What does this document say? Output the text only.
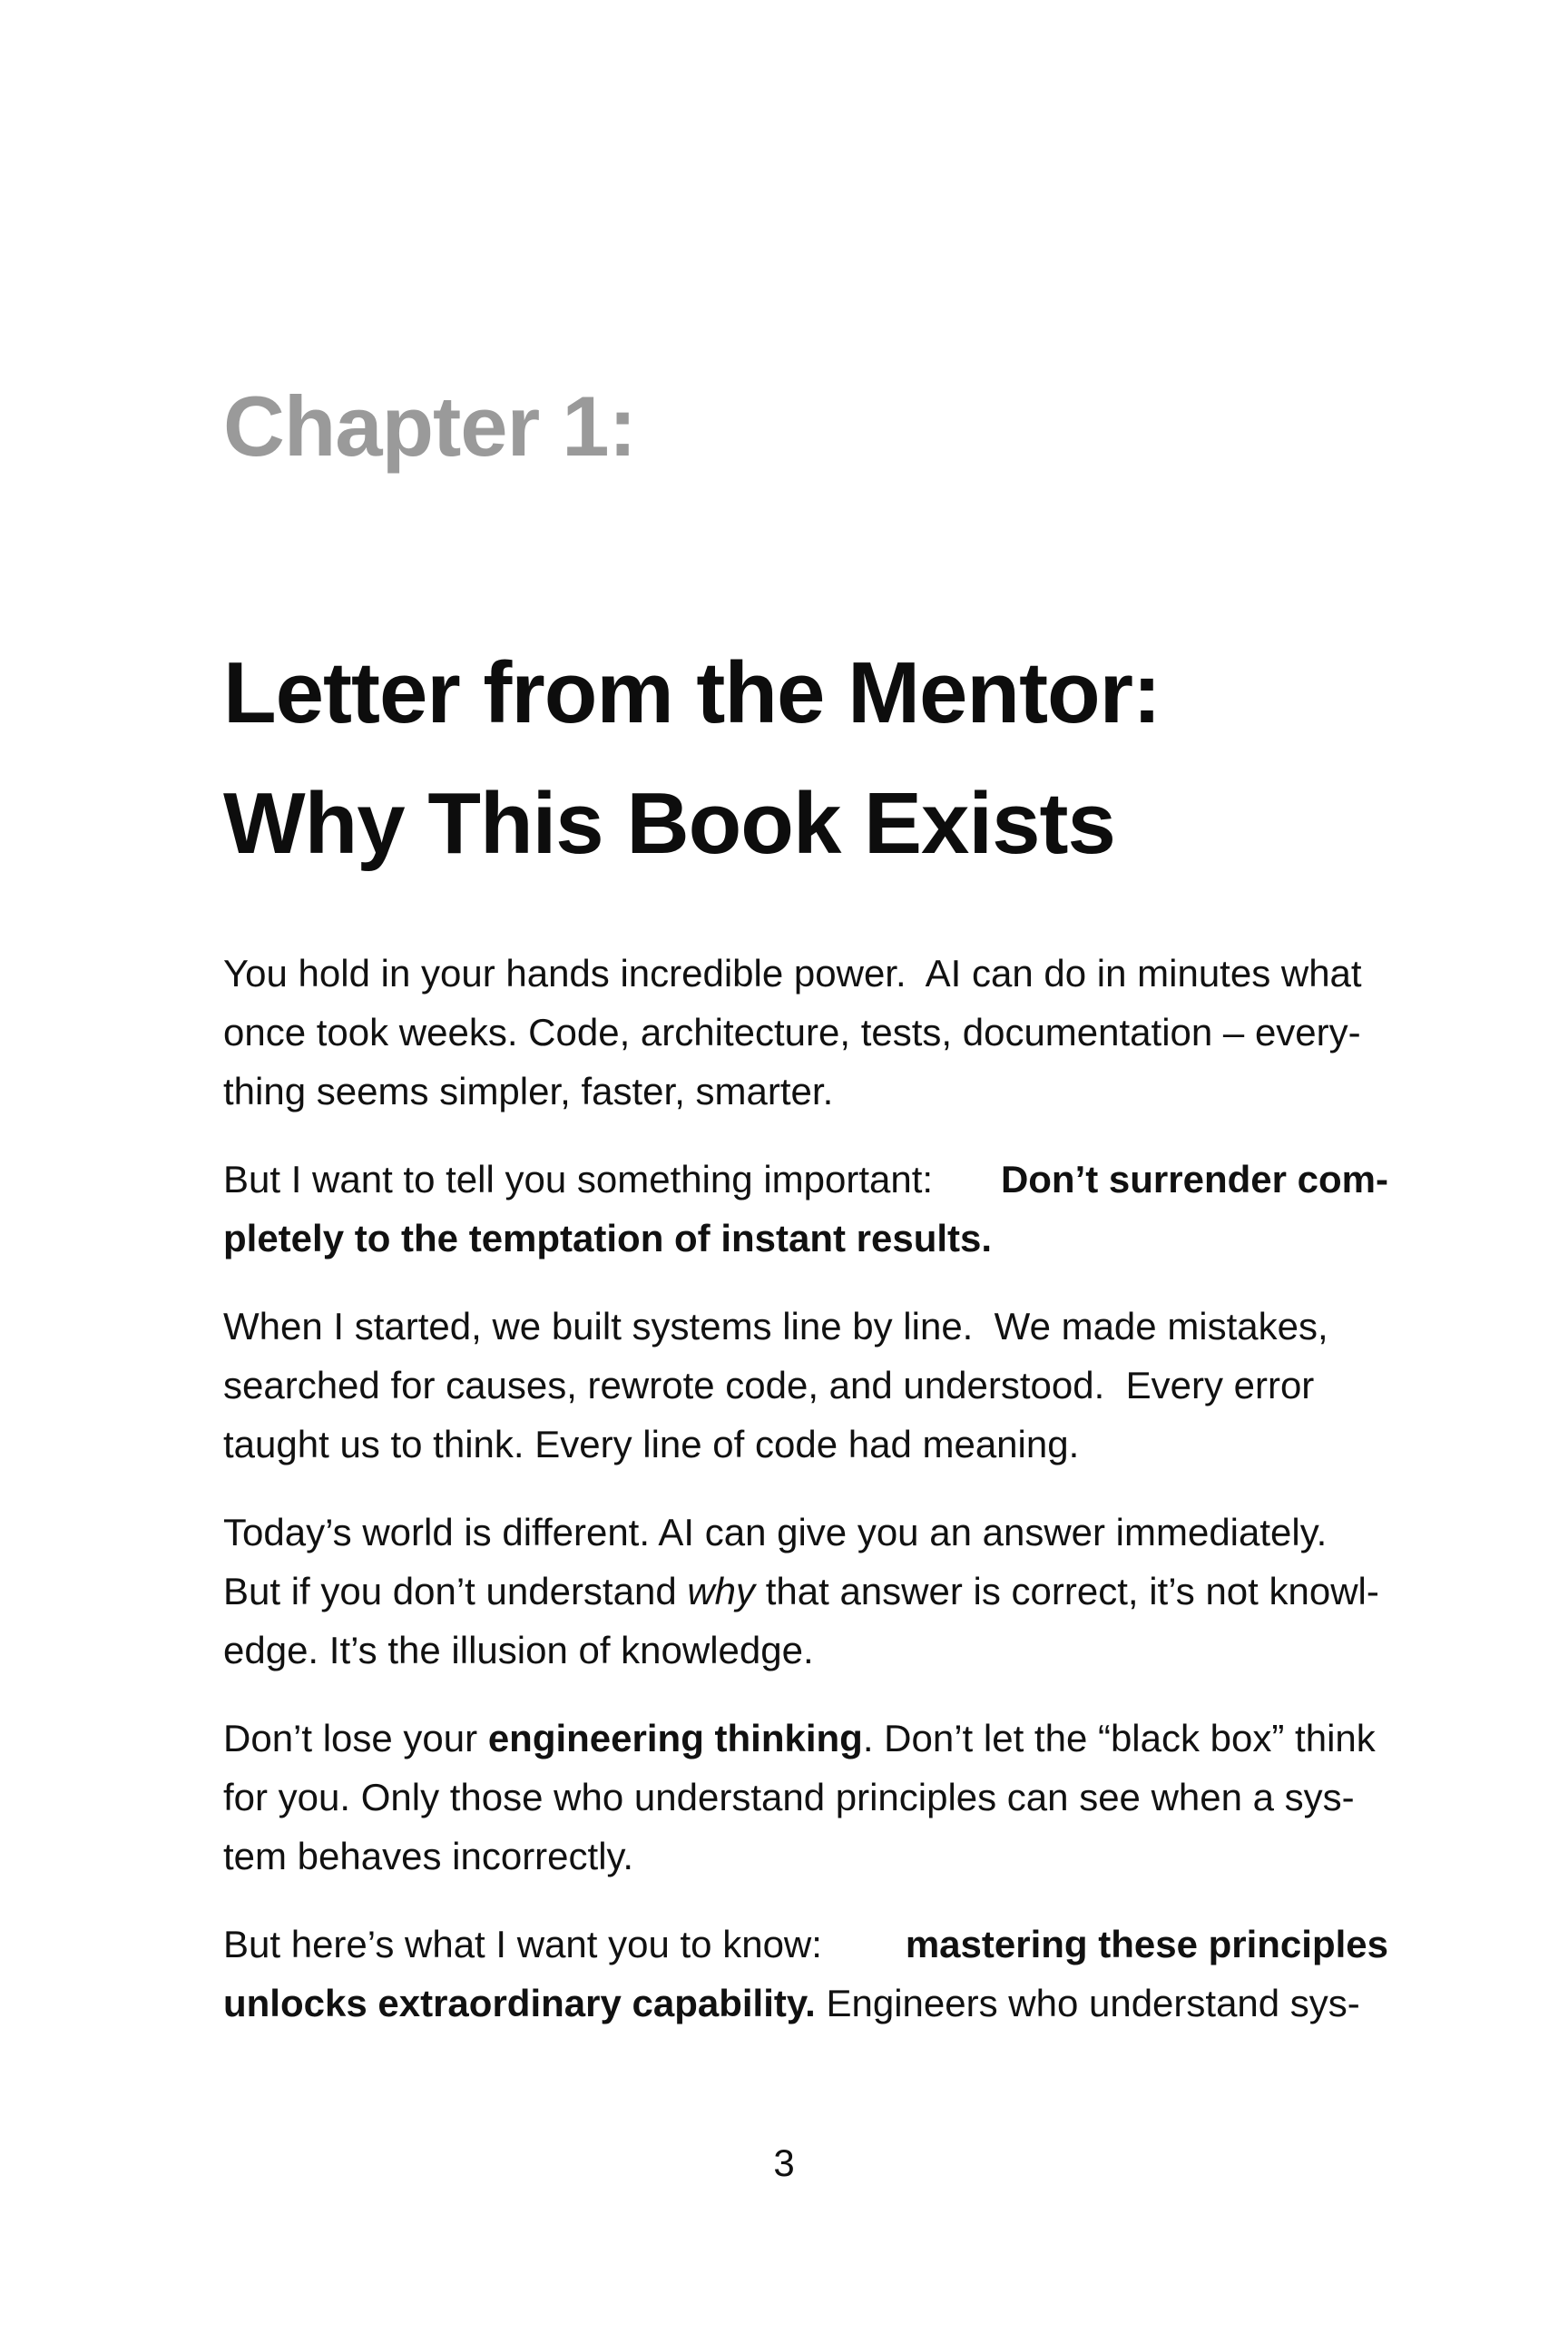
Chapter 1:
Letter from the Mentor:
Why This Book Exists

You hold in your hands incredible power.  AI can do in minutes what
once took weeks. Code, architecture, tests, documentation – every-
thing seems simpler, faster, smarter.

But I want to tell you something important: Don’t surrender com-
pletely to the temptation of instant results.

When I started, we built systems line by line.  We made mistakes,
searched for causes, rewrote code, and understood.  Every error
taught us to think. Every line of code had meaning.

Today’s world is different. AI can give you an answer immediately.
But if you don’t understand why that answer is correct, it’s not knowl-
edge. It’s the illusion of knowledge.

Don’t lose your engineering thinking. Don’t let the “black box” think
for you. Only those who understand principles can see when a sys-
tem behaves incorrectly.

But here’s what I want you to know: mastering these principles
unlocks extraordinary capability. Engineers who understand sys-

3
